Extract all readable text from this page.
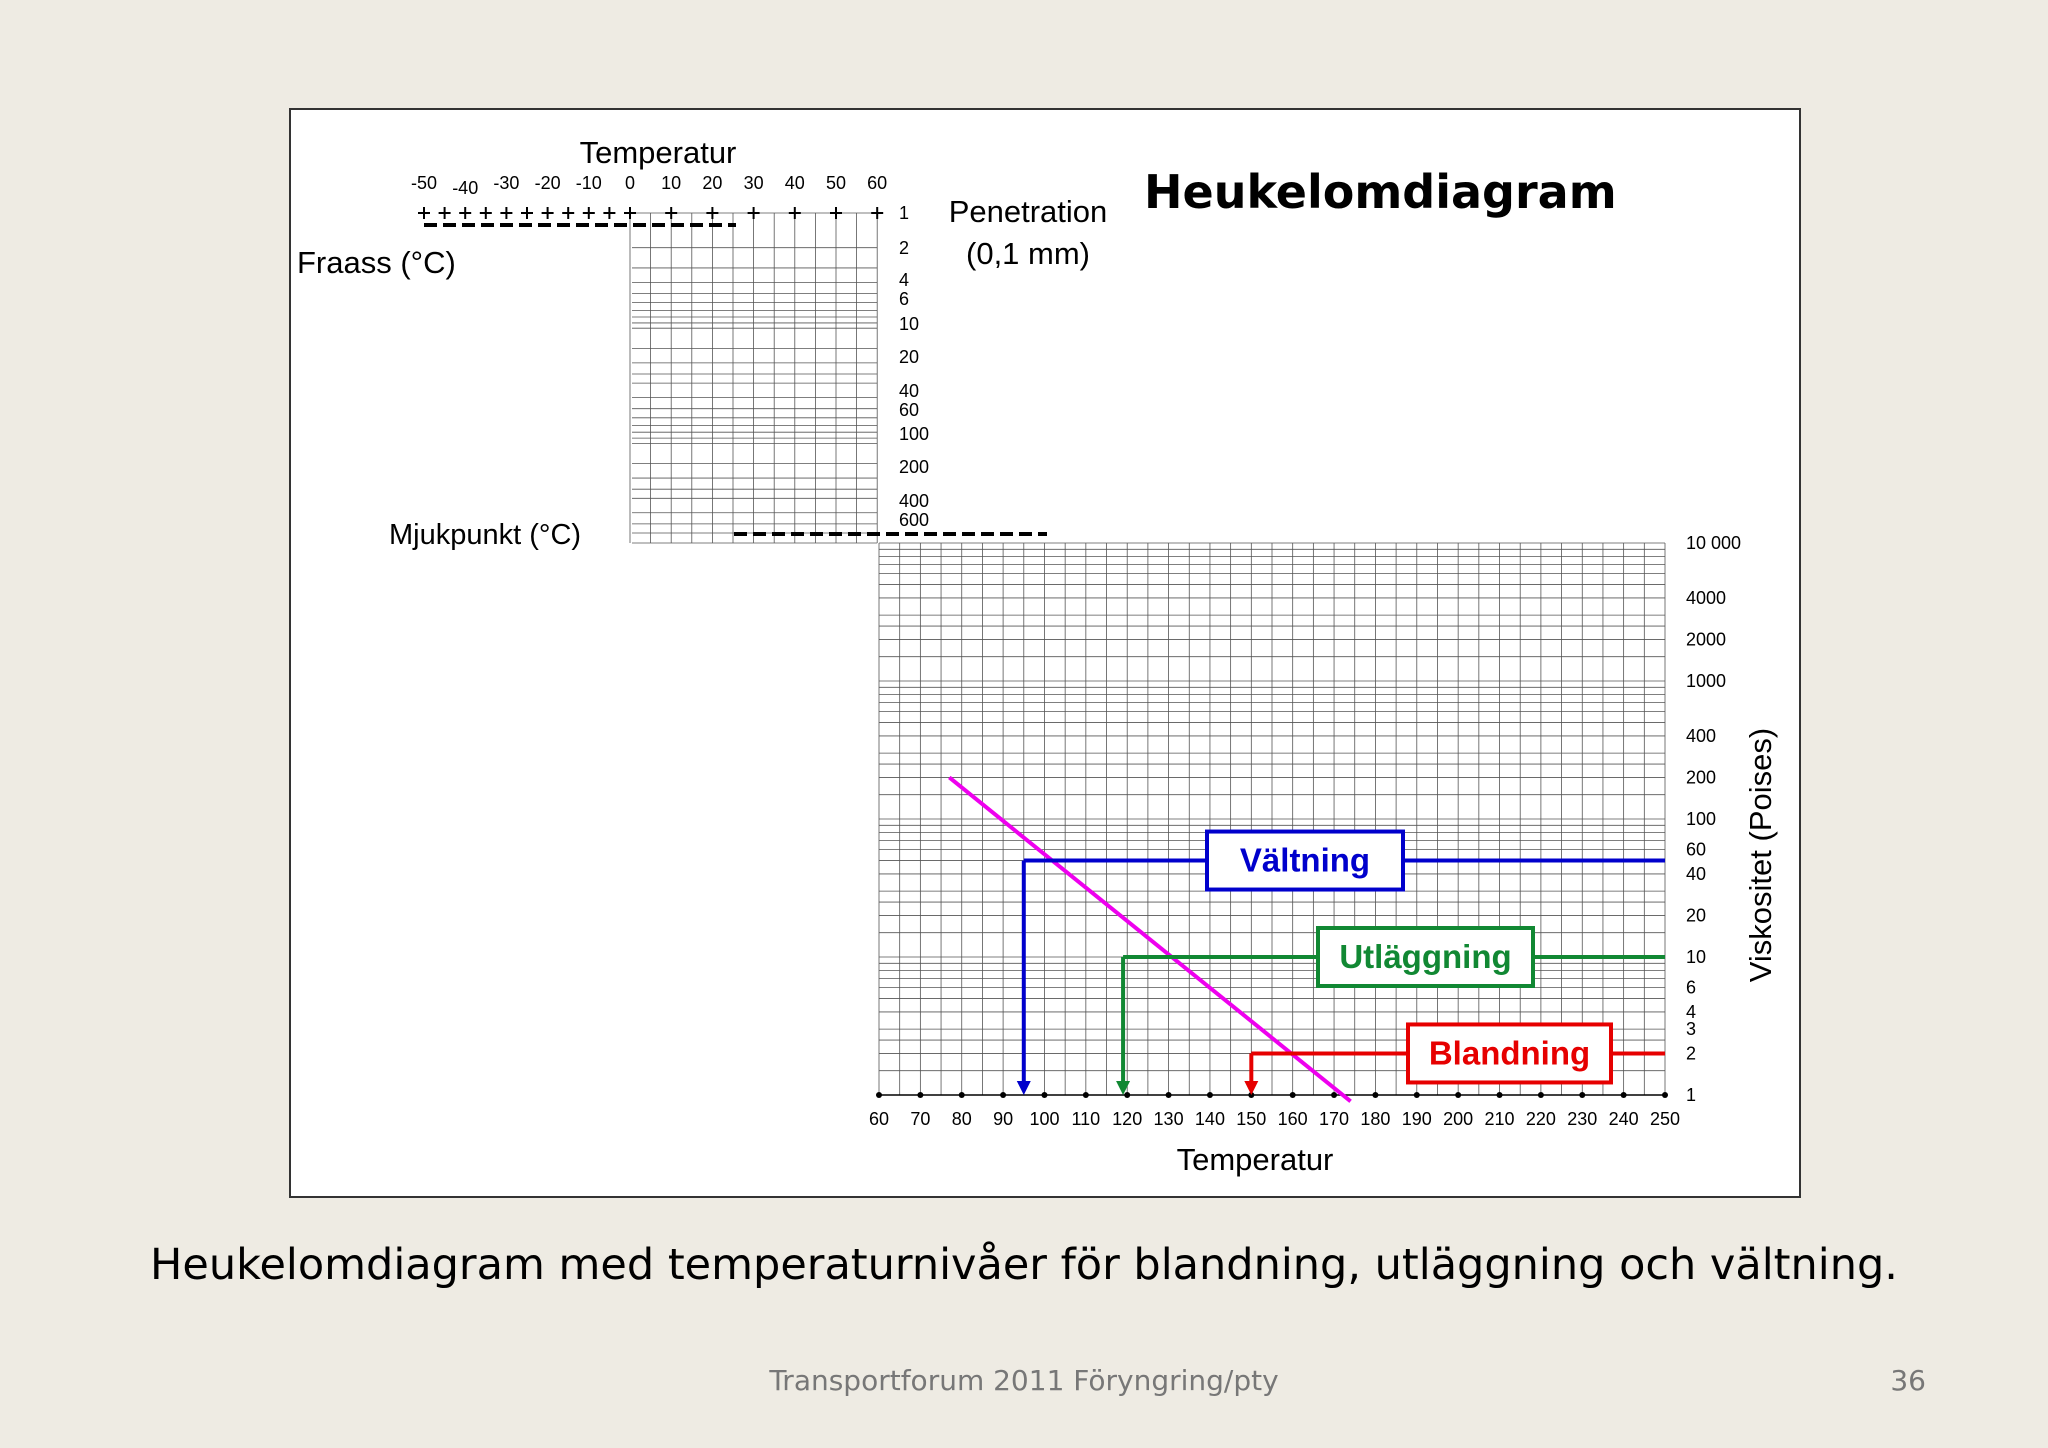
-50 -40 -30 -20 -10 0 10 20 30 40 50 60
1
2
4
6
10
20
40
60
100
200
400
600
60 70 80 90 100 110 120 130 140 150 160 170 180 190 200 210 220 230 240 250
10 000
4000
2000
1000
400
200
100
60
40
20
10
6
4
3
2
1
Vältning
Utläggning
Blandning
Heukelomdiagram
Temperatur
Fraass (°C)
Penetration
(0,1 mm)
Mjukpunkt (°C)
Temperatur
Viskositet (Poises)
Heukelomdiagram med temperaturnivåer för blandning, utläggning och vältning.
Transportforum 2011 Föryngring/pty	36
